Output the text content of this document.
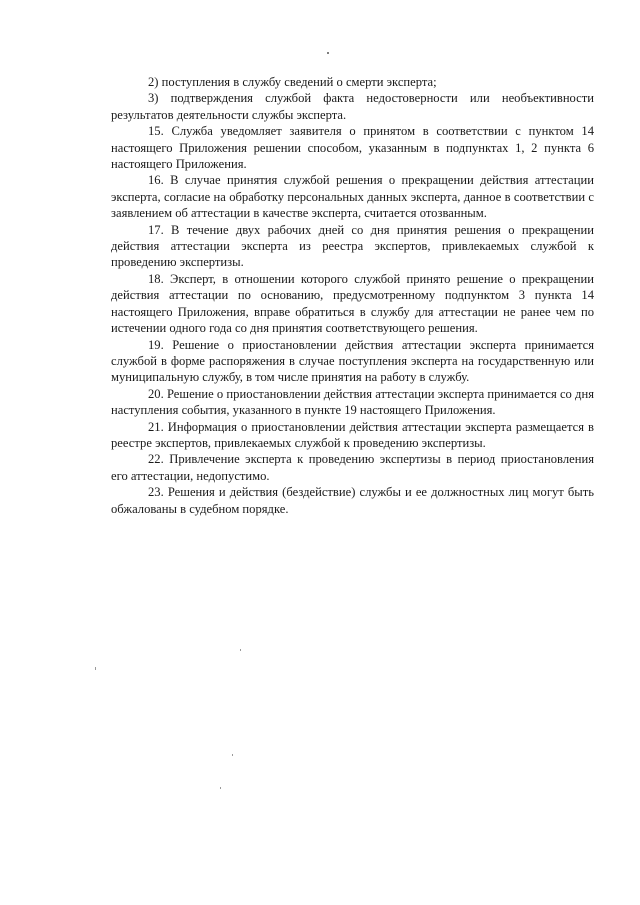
2) поступления в службу сведений о смерти эксперта;

3) подтверждения службой факта недостоверности или необъективности результатов деятельности службы эксперта.

15. Служба уведомляет заявителя о принятом в соответствии с пунктом 14 настоящего Приложения решении способом, указанным в подпунктах 1, 2 пункта 6 настоящего Приложения.

16. В случае принятия службой решения о прекращении действия аттестации эксперта, согласие на обработку персональных данных эксперта, данное в соответствии с заявлением об аттестации в качестве эксперта, считается отозванным.

17. В течение двух рабочих дней со дня принятия решения о прекращении действия аттестации эксперта из реестра экспертов, привлекаемых службой к проведению экспертизы.

18. Эксперт, в отношении которого службой принято решение о прекращении действия аттестации по основанию, предусмотренному подпунктом 3 пункта 14 настоящего Приложения, вправе обратиться в службу для аттестации не ранее чем по истечении одного года со дня принятия соответствующего решения.

19. Решение о приостановлении действия аттестации эксперта принимается службой в форме распоряжения в случае поступления эксперта на государственную или муниципальную службу, в том числе принятия на работу в службу.

20. Решение о приостановлении действия аттестации эксперта принимается со дня наступления события, указанного в пункте 19 настоящего Приложения.

21. Информация о приостановлении действия аттестации эксперта размещается в реестре экспертов, привлекаемых службой к проведению экспертизы.

22. Привлечение эксперта к проведению экспертизы в период приостановления его аттестации, недопустимо.

23. Решения и действия (бездействие) службы и ее должностных лиц могут быть обжалованы в судебном порядке.
